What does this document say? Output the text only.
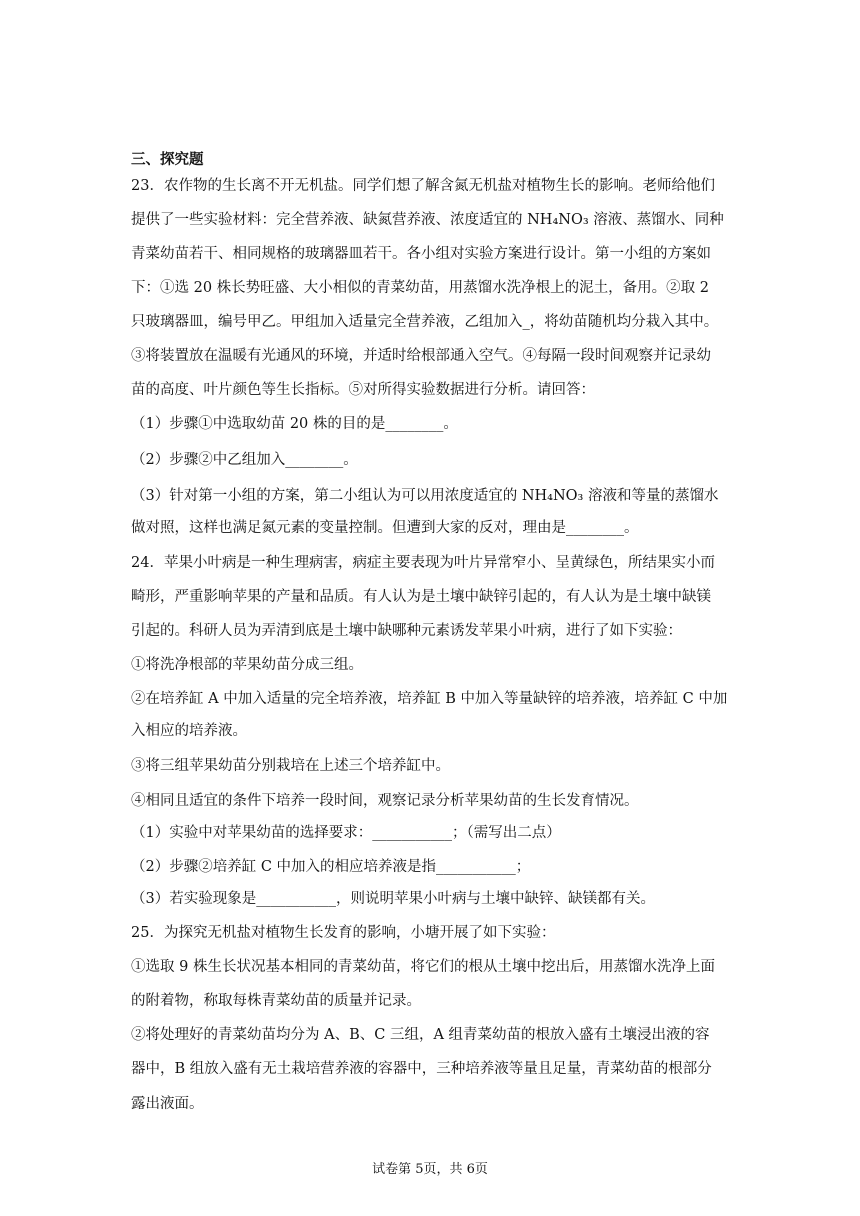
三、探究题
23．农作物的生长离不开无机盐。同学们想了解含氮无机盐对植物生长的影响。老师给他们
提供了一些实验材料：完全营养液、缺氮营养液、浓度适宜的 NH₄NO₃ 溶液、蒸馏水、同种
青菜幼苗若干、相同规格的玻璃器皿若干。各小组对实验方案进行设计。第一小组的方案如
下：①选 20 株长势旺盛、大小相似的青菜幼苗，用蒸馏水洗净根上的泥土，备用。②取 2
只玻璃器皿，编号甲乙。甲组加入适量完全营养液，乙组加入_，将幼苗随机均分栽入其中。
③将装置放在温暖有光通风的环境，并适时给根部通入空气。④每隔一段时间观察并记录幼
苗的高度、叶片颜色等生长指标。⑤对所得实验数据进行分析。请回答：
（1）步骤①中选取幼苗 20 株的目的是________。
（2）步骤②中乙组加入________。
（3）针对第一小组的方案，第二小组认为可以用浓度适宜的 NH₄NO₃ 溶液和等量的蒸馏水
做对照，这样也满足氮元素的变量控制。但遭到大家的反对，理由是________。
24．苹果小叶病是一种生理病害，病症主要表现为叶片异常窄小、呈黄绿色，所结果实小而
畸形，严重影响苹果的产量和品质。有人认为是土壤中缺锌引起的，有人认为是土壤中缺镁
引起的。科研人员为弄清到底是土壤中缺哪种元素诱发苹果小叶病，进行了如下实验：
①将洗净根部的苹果幼苗分成三组。
②在培养缸 A 中加入适量的完全培养液，培养缸 B 中加入等量缺锌的培养液，培养缸 C 中加
入相应的培养液。
③将三组苹果幼苗分别栽培在上述三个培养缸中。
④相同且适宜的条件下培养一段时间，观察记录分析苹果幼苗的生长发育情况。
（1）实验中对苹果幼苗的选择要求：___________；（需写出二点）
（2）步骤②培养缸 C 中加入的相应培养液是指___________；
（3）若实验现象是___________，则说明苹果小叶病与土壤中缺锌、缺镁都有关。
25．为探究无机盐对植物生长发育的影响，小塘开展了如下实验：
①选取 9 株生长状况基本相同的青菜幼苗，将它们的根从土壤中挖出后，用蒸馏水洗净上面
的附着物，称取每株青菜幼苗的质量并记录。
②将处理好的青菜幼苗均分为 A、B、C 三组，A 组青菜幼苗的根放入盛有土壤浸出液的容
器中，B 组放入盛有无土栽培营养液的容器中，三种培养液等量且足量，青菜幼苗的根部分
露出液面。
试卷第 5页，共 6页
